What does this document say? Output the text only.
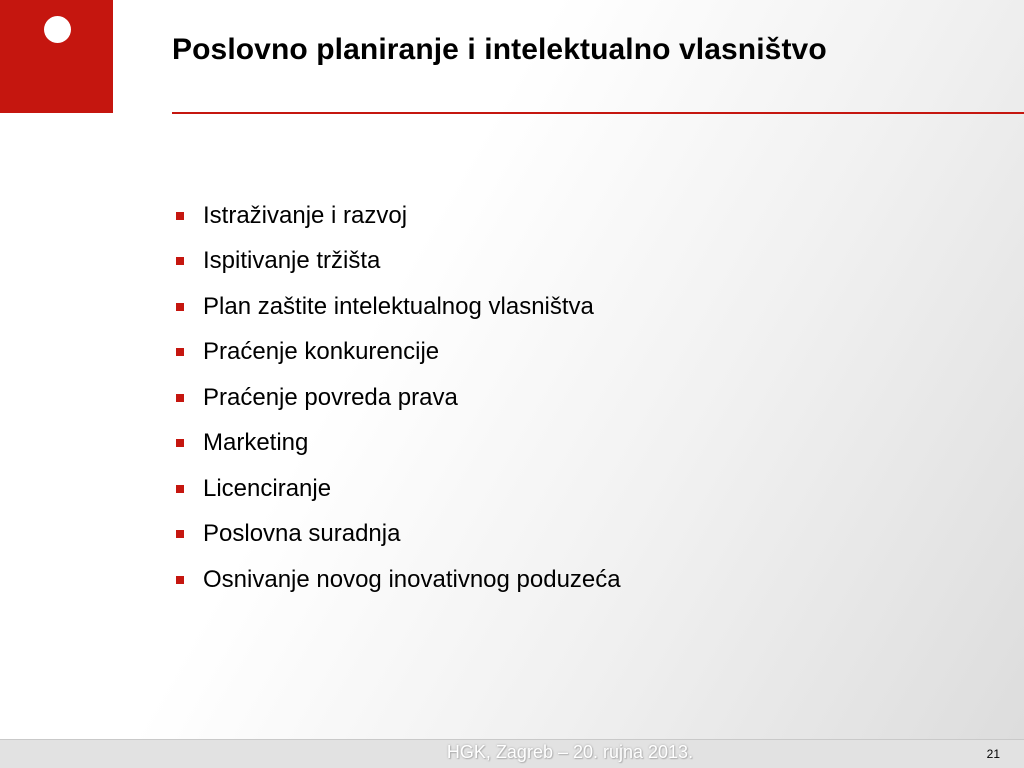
Poslovno planiranje i intelektualno vlasništvo
Istraživanje i razvoj
Ispitivanje tržišta
Plan zaštite intelektualnog vlasništva
Praćenje konkurencije
Praćenje povreda prava
Marketing
Licenciranje
Poslovna suradnja
Osnivanje novog inovativnog poduzeća
HGK, Zagreb – 20. rujna 2013.	21
